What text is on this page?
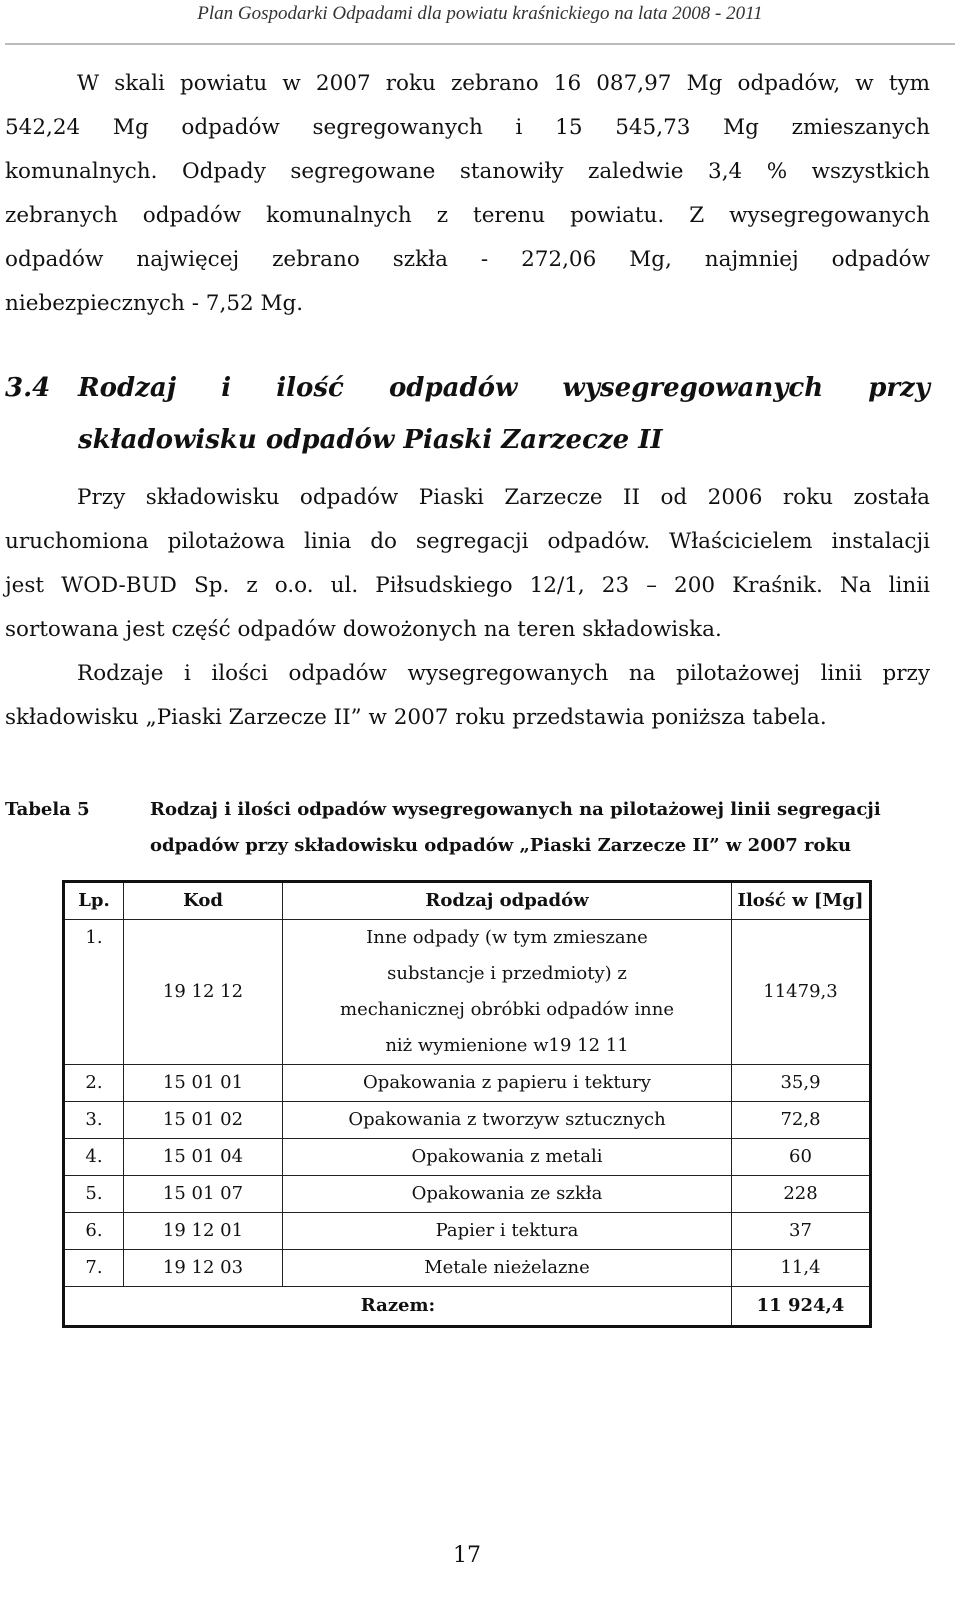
Plan Gospodarki Odpadami dla powiatu kraśnickiego na lata 2008 - 2011
W skali powiatu w 2007 roku zebrano 16 087,97 Mg odpadów, w tym
542,24 Mg odpadów segregowanych i 15 545,73 Mg zmieszanych
komunalnych. Odpady segregowane stanowiły zaledwie 3,4 % wszystkich
zebranych odpadów komunalnych z terenu powiatu. Z wysegregowanych
odpadów najwięcej zebrano szkła - 272,06 Mg, najmniej odpadów
niebezpiecznych - 7,52 Mg.
3.4 Rodzaj i ilość odpadów wysegregowanych przy
składowisku odpadów Piaski Zarzecze II
Przy składowisku odpadów Piaski Zarzecze II od 2006 roku została
uruchomiona pilotażowa linia do segregacji odpadów. Właścicielem instalacji
jest WOD-BUD Sp. z o.o. ul. Piłsudskiego 12/1, 23 – 200 Kraśnik. Na linii
sortowana jest część odpadów dowożonych na teren składowiska.
Rodzaje i ilości odpadów wysegregowanych na pilotażowej linii przy
składowisku „Piaski Zarzecze II” w 2007 roku przedstawia poniższa tabela.
Tabela 5	Rodzaj i ilości odpadów wysegregowanych na pilotażowej linii segregacji
odpadów przy składowisku odpadów „Piaski Zarzecze II” w 2007 roku
Lp.	Kod	Rodzaj odpadów	Ilość w [Mg]
1.	19 12 12	Inne odpady (w tym zmieszane
substancje i przedmioty) z
mechanicznej obróbki odpadów inne
niż wymienione w19 12 11	11479,3
2.	15 01 01	Opakowania z papieru i tektury	35,9
3.	15 01 02	Opakowania z tworzyw sztucznych	72,8
4.	15 01 04	Opakowania z metali	60
5.	15 01 07	Opakowania ze szkła	228
6.	19 12 01	Papier i tektura	37
7.	19 12 03	Metale nieżelazne	11,4
Razem:			11 924,4
17
